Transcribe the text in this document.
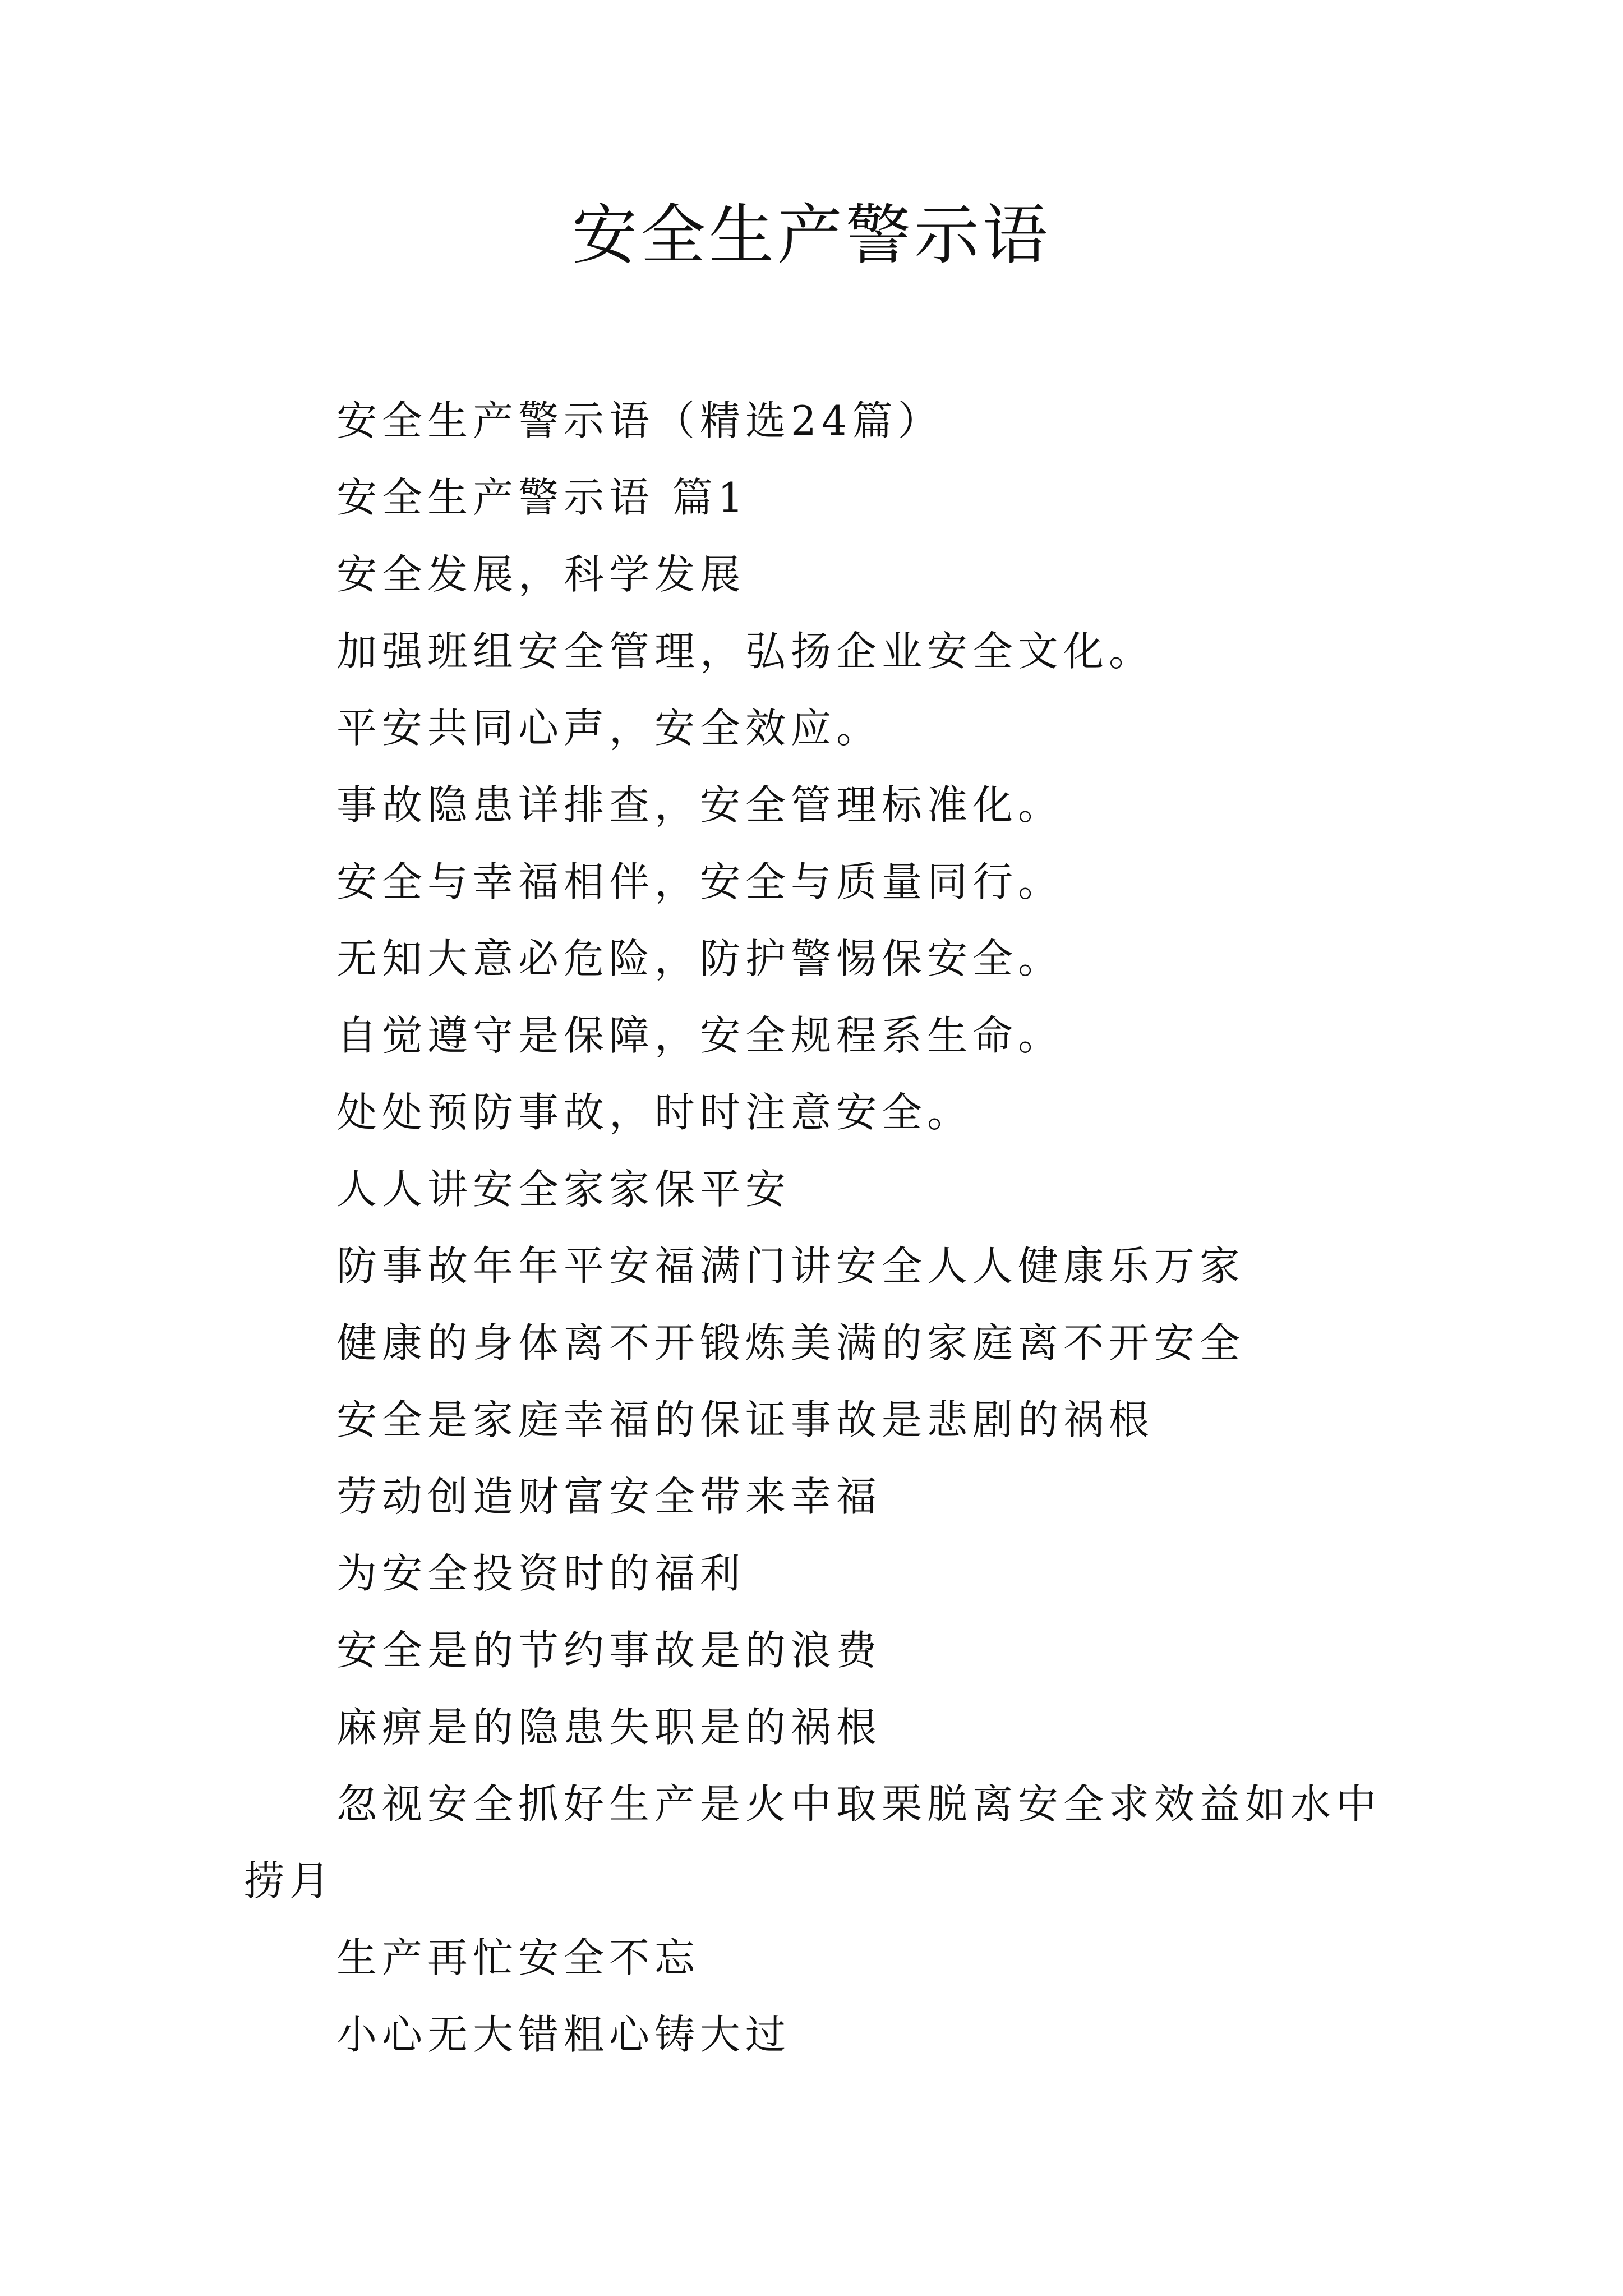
安全生产警示语
安全生产警示语（精选24篇）
安全生产警示语 篇1
安全发展，科学发展
加强班组安全管理，弘扬企业安全文化。
平安共同心声，安全效应。
事故隐患详排查，安全管理标准化。
安全与幸福相伴，安全与质量同行。
无知大意必危险，防护警惕保安全。
自觉遵守是保障，安全规程系生命。
处处预防事故，时时注意安全。
人人讲安全家家保平安
防事故年年平安福满门讲安全人人健康乐万家
健康的身体离不开锻炼美满的家庭离不开安全
安全是家庭幸福的保证事故是悲剧的祸根
劳动创造财富安全带来幸福
为安全投资时的福利
安全是的节约事故是的浪费
麻痹是的隐患失职是的祸根
忽视安全抓好生产是火中取栗脱离安全求效益如水中
捞月
生产再忙安全不忘
小心无大错粗心铸大过
